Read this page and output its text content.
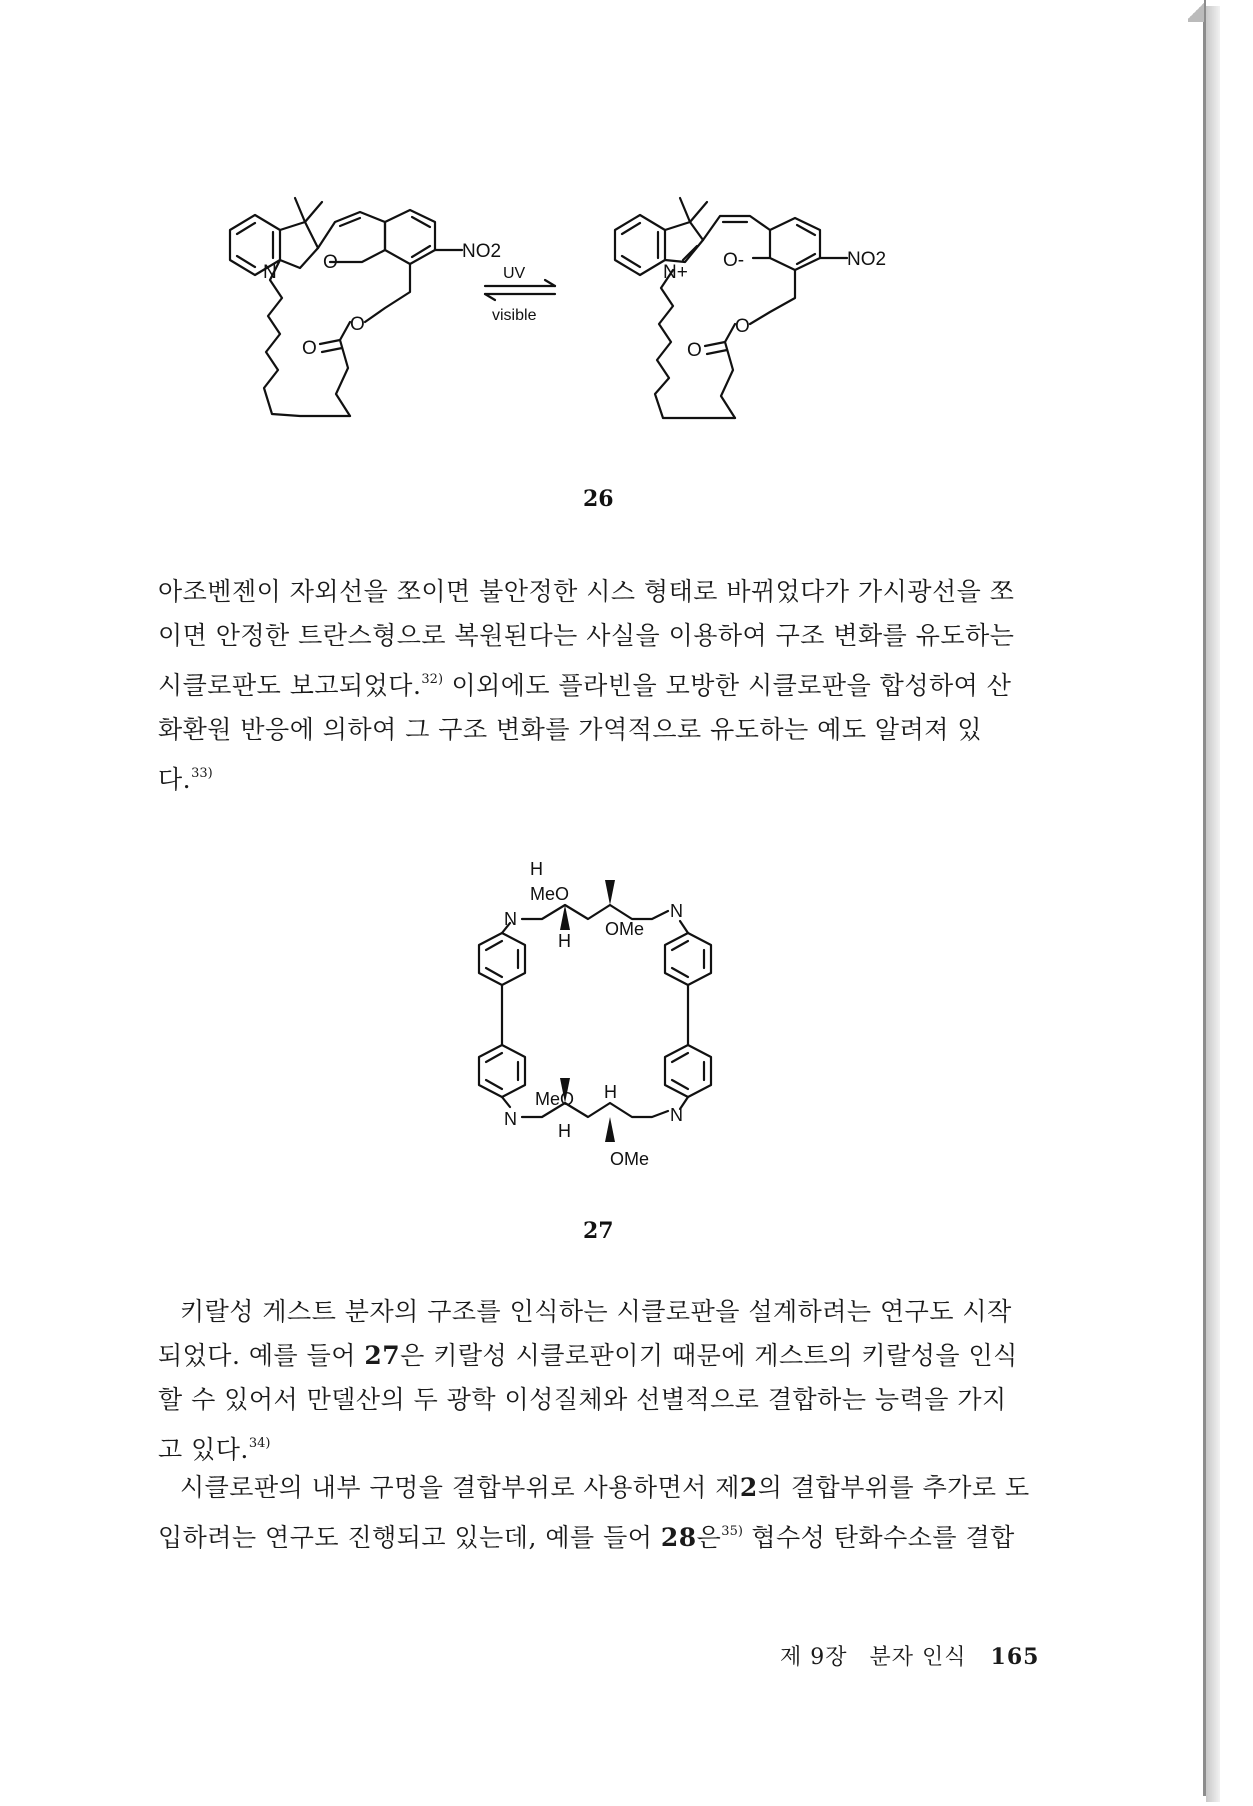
N O
NO2
O
O
UV
visible
N+
O-	NO2
O
O
26
아조벤젠이 자외선을 쪼이면 불안정한 시스 형태로 바뀌었다가 가시광선을 쪼
이면 안정한 트란스형으로 복원된다는 사실을 이용하여 구조 변화를 유도하는
시클로판도 보고되었다.$^{32)}$ 이외에도 플라빈을 모방한 시클로판을 합성하여 산
화환원 반응에 의하여 그 구조 변화를 가역적으로 유도하는 예도 알려져 있
다.$^{33)}$
H
MeO
OMe
H
N	N
N	N
MeO
H
H
OMe
27
키랄성 게스트 분자의 구조를 인식하는 시클로판을 설계하려는 연구도 시작
되었다. 예를 들어 27은 키랄성 시클로판이기 때문에 게스트의 키랄성을 인식
할 수 있어서 만델산의 두 광학 이성질체와 선별적으로 결합하는 능력을 가지
고 있다.$^{34)}$
시클로판의 내부 구멍을 결합부위로 사용하면서 제2의 결합부위를 추가로 도
입하려는 연구도 진행되고 있는데, 예를 들어 28은$^{35)}$ 협수성 탄화수소를 결합
제 9장 분자 인식 165
